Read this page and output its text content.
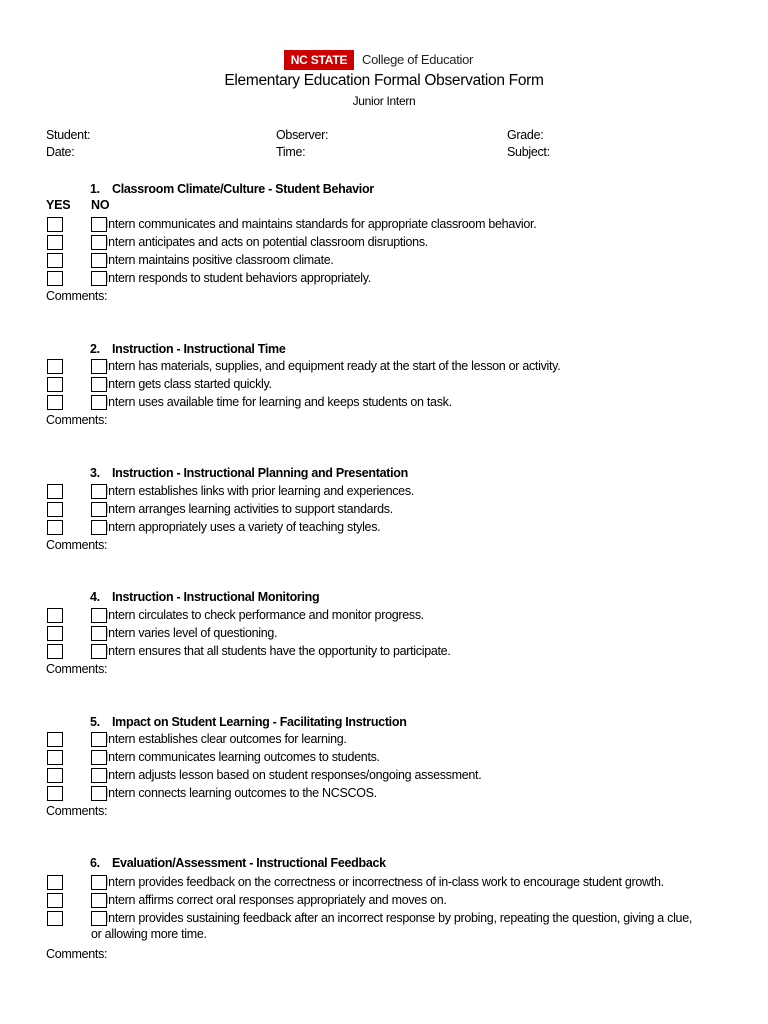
NC STATE	College of Educatior
Elementary Education Formal Observation Form
Junior Intern
Student:
Date:
Observer:
Time:
Grade:
Subject:
YES NO
1. Classroom Climate/Culture - Student Behavior
Intern communicates and maintains standards for appropriate classroom behavior.
Intern anticipates and acts on potential classroom disruptions.
Intern maintains positive classroom climate.
Intern responds to student behaviors appropriately.
Comments:
2. Instruction - Instructional Time
Intern has materials, supplies, and equipment ready at the start of the lesson or activity.
Intern gets class started quickly.
Intern uses available time for learning and keeps students on task.
Comments:
3. Instruction - Instructional Planning and Presentation
Intern establishes links with prior learning and experiences.
Intern arranges learning activities to support standards.
Intern appropriately uses a variety of teaching styles.
Comments:
4. Instruction - Instructional Monitoring
Intern circulates to check performance and monitor progress.
Intern varies level of questioning.
Intern ensures that all students have the opportunity to participate.
Comments:
5. Impact on Student Learning - Facilitating Instruction
Intern establishes clear outcomes for learning.
Intern communicates learning outcomes to students.
Intern adjusts lesson based on student responses/ongoing assessment.
Intern connects learning outcomes to the NCSCOS.
Comments:
6. Evaluation/Assessment - Instructional Feedback
Intern provides feedback on the correctness or incorrectness of in-class work to encourage student growth.
Intern affirms correct oral responses appropriately and moves on.
Intern provides sustaining feedback after an incorrect response by probing, repeating the question, giving a clue,
or allowing more time.
Comments:
